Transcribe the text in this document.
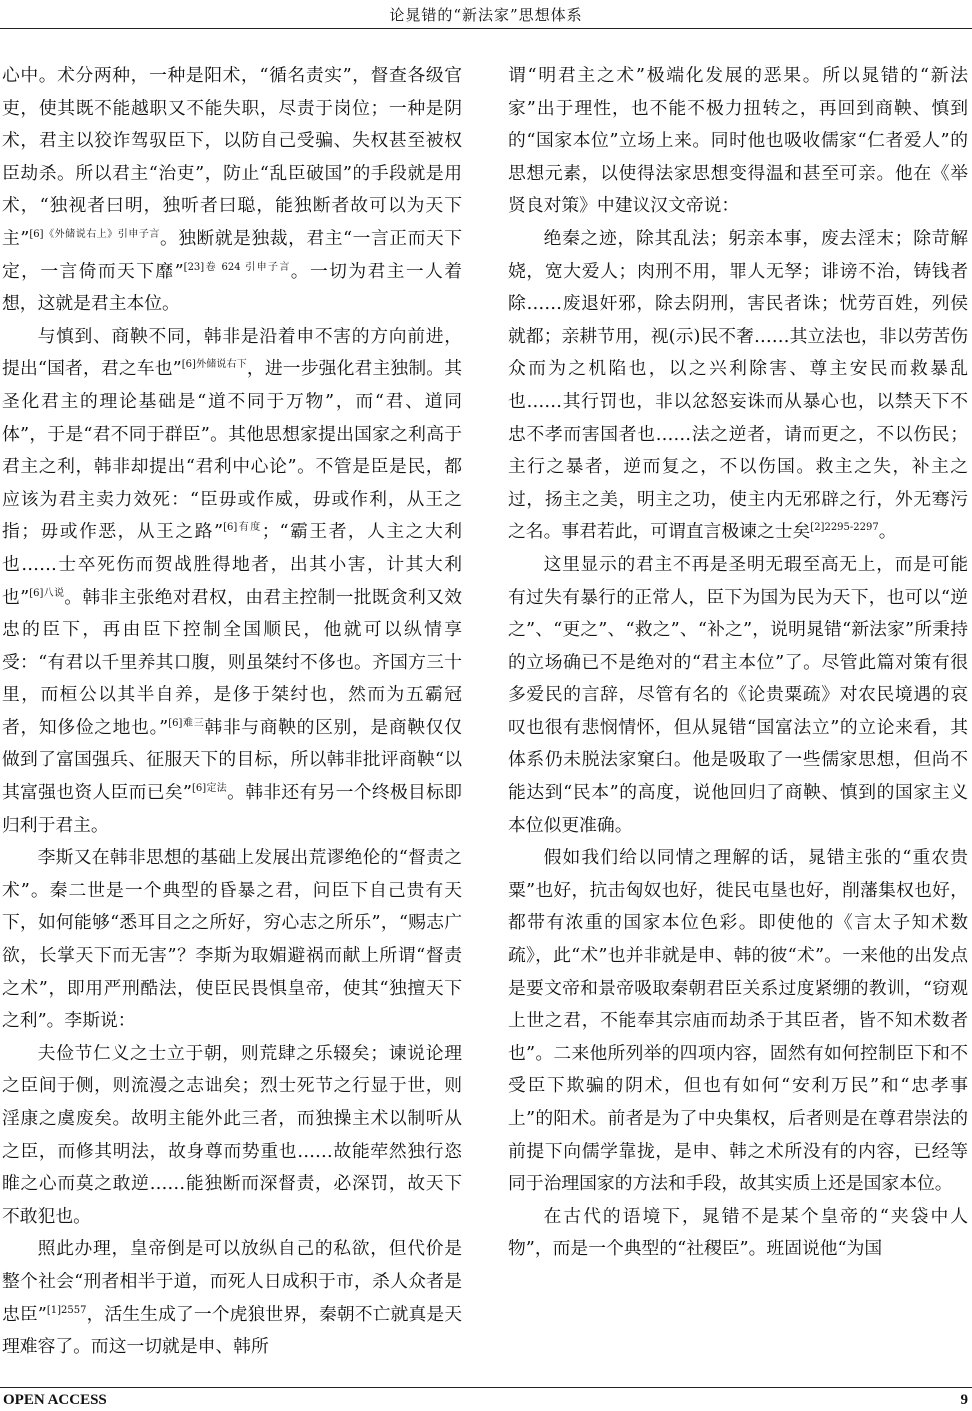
论晁错的“新法家”思想体系

心中。术分两种，一种是阳术，“循名责实”，督查各级官吏，使其既不能越职又不能失职，尽责于岗位；一种是阴术，君主以狡诈驾驭臣下，以防自己受骗、失权甚至被权臣劫杀。所以君主“治吏”，防止“乱臣破国”的手段就是用术，“独视者曰明，独听者曰聪，能独断者故可以为天下主”$^{[6]《外储说右上》引申子言}$。独断就是独裁，君主“一言正而天下定，一言倚而天下靡”$^{[23]卷 624 引申子言}$。一切为君主一人着想，这就是君主本位。

与慎到、商鞅不同，韩非是沿着申不害的方向前进，提出“国者，君之车也”$^{[6]外储说右下}$，进一步强化君主独制。其圣化君主的理论基础是“道不同于万物”，而“君、道同体”，于是“君不同于群臣”。其他思想家提出国家之利高于君主之利，韩非却提出“君利中心论”。不管是臣是民，都应该为君主卖力效死：“臣毋或作威，毋或作利，从王之指；毋或作恶，从王之路”$^{[6]有度}$；“霸王者，人主之大利也……士卒死伤而贺战胜得地者，出其小害，计其大利也”$^{[6]八说}$。韩非主张绝对君权，由君主控制一批既贪利又效忠的臣下，再由臣下控制全国顺民，他就可以纵情享受：“有君以千里养其口腹，则虽桀纣不侈也。齐国方三十里，而桓公以其半自养，是侈于桀纣也，然而为五霸冠者，知侈俭之地也。”$^{[6]难三}$韩非与商鞅的区别，是商鞅仅仅做到了富国强兵、征服天下的目标，所以韩非批评商鞅“以其富强也资人臣而已矣”$^{[6]定法}$。韩非还有另一个终极目标即归利于君主。

李斯又在韩非思想的基础上发展出荒谬绝伦的“督责之术”。秦二世是一个典型的昏暴之君，问臣下自己贵有天下，如何能够“悉耳目之之所好，穷心志之所乐”，“赐志广欲，长掌天下而无害”？李斯为取媚避祸而献上所谓“督责之术”，即用严刑酷法，使臣民畏惧皇帝，使其“独擅天下之利”。李斯说：

夫俭节仁义之士立于朝，则荒肆之乐辍矣；谏说论理之臣间于侧，则流漫之志诎矣；烈士死节之行显于世，则淫康之虞废矣。故明主能外此三者，而独操主术以制听从之臣，而修其明法，故身尊而势重也……故能荦然独行恣睢之心而莫之敢逆……能独断而深督责，必深罚，故天下不敢犯也。

照此办理，皇帝倒是可以放纵自己的私欲，但代价是整个社会“刑者相半于道，而死人日成积于市，杀人众者是忠臣”$^{[1]2557}$，活生生成了一个虎狼世界，秦朝不亡就真是天理难容了。而这一切就是申、韩所

谓“明君主之术”极端化发展的恶果。所以晁错的“新法家”出于理性，也不能不极力扭转之，再回到商鞅、慎到的“国家本位”立场上来。同时他也吸收儒家“仁者爱人”的思想元素，以使得法家思想变得温和甚至可亲。他在《举贤良对策》中建议汉文帝说：

绝秦之迹，除其乱法；躬亲本事，废去淫末；除苛解娆，宽大爱人；肉刑不用，罪人无孥；诽谤不治，铸钱者除……废退奸邪，除去阴刑，害民者诛；忧劳百姓，列侯就都；亲耕节用，视(示)民不奢……其立法也，非以劳苦伤众而为之机陷也，以之兴利除害、尊主安民而救暴乱也……其行罚也，非以忿怒妄诛而从暴心也，以禁天下不忠不孝而害国者也……法之逆者，请而更之，不以伤民；主行之暴者，逆而复之，不以伤国。救主之失，补主之过，扬主之美，明主之功，使主内无邪辟之行，外无骞污之名。事君若此，可谓直言极谏之士矣$^{[2]2295-2297}$。

这里显示的君主不再是圣明无瑕至高无上，而是可能有过失有暴行的正常人，臣下为国为民为天下，也可以“逆之”、“更之”、“救之”、“补之”，说明晁错“新法家”所秉持的立场确已不是绝对的“君主本位”了。尽管此篇对策有很多爱民的言辞，尽管有名的《论贵粟疏》对农民境遇的哀叹也很有悲悯情怀，但从晁错“国富法立”的立论来看，其体系仍未脱法家窠臼。他是吸取了一些儒家思想，但尚不能达到“民本”的高度，说他回归了商鞅、慎到的国家主义本位似更准确。

假如我们给以同情之理解的话，晁错主张的“重农贵粟”也好，抗击匈奴也好，徙民屯垦也好，削藩集权也好，都带有浓重的国家本位色彩。即使他的《言太子知术数疏》，此“术”也并非就是申、韩的彼“术”。一来他的出发点是要文帝和景帝吸取秦朝君臣关系过度紧绷的教训，“窃观上世之君，不能奉其宗庙而劫杀于其臣者，皆不知术数者也”。二来他所列举的四项内容，固然有如何控制臣下和不受臣下欺骗的阴术，但也有如何“安利万民”和“忠孝事上”的阳术。前者是为了中央集权，后者则是在尊君崇法的前提下向儒学靠拢，是申、韩之术所没有的内容，已经等同于治理国家的方法和手段，故其实质上还是国家本位。

在古代的语境下，晁错不是某个皇帝的“夹袋中人物”，而是一个典型的“社稷臣”。班固说他“为国

OPEN ACCESS	9
